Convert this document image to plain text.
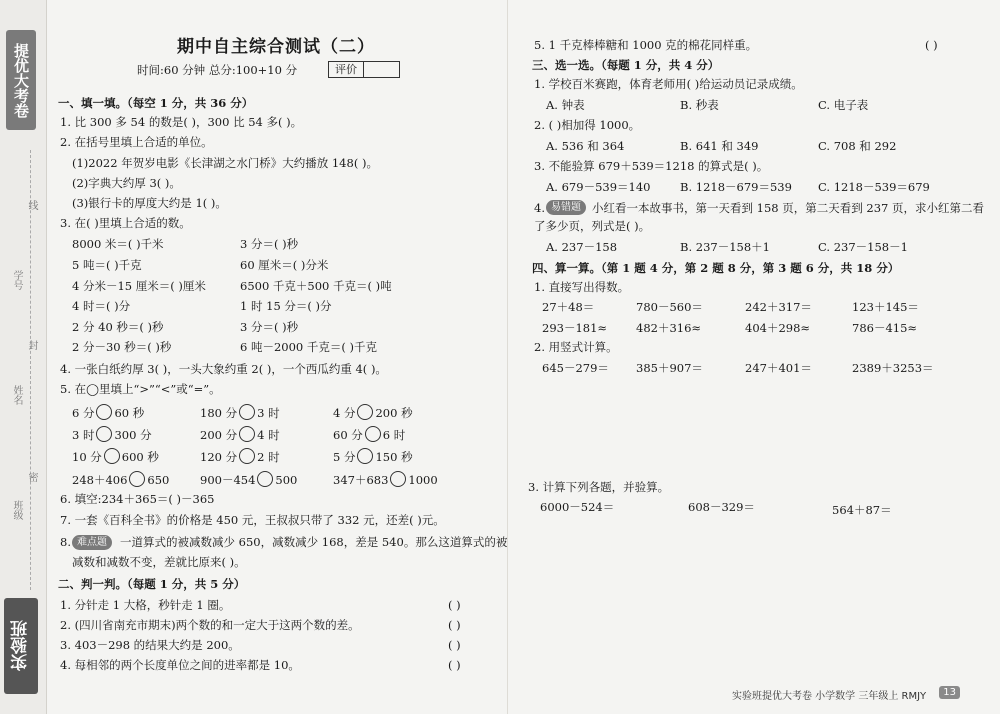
提优大考卷
学号
姓名
班级
线
封
密
实验班
期中自主综合测试（二）
时间:60 分钟 总分:100+10 分	评价
一、填一填。（每空 1 分，共 36 分）
1. 比 300 多 54 的数是( )，300 比 54 多( )。
2. 在括号里填上合适的单位。
(1)2022 年贺岁电影《长津湖之水门桥》大约播放 148( )。
(2)字典大约厚 3( )。
(3)银行卡的厚度大约是 1( )。
3. 在( )里填上合适的数。
8000 米＝( )千米	3 分＝( )秒
5 吨＝( )千克	60 厘米＝( )分米
4 分米－15 厘米＝( )厘米	6500 千克＋500 千克＝( )吨
4 时＝( )分	1 时 15 分＝( )分
2 分 40 秒＝( )秒	3 分＝( )秒
2 分－30 秒＝( )秒	6 吨－2000 千克＝( )千克
4. 一张白纸约厚 3( )，一头大象约重 2( )，一个西瓜约重 4( )。
5. 在◯里填上“>”“<”或“=”。
6 分 60 秒	180 分 3 时	4 分 200 秒
3 时 300 分	200 分 4 时	60 分 6 时
10 分 600 秒	120 分 2 时	5 分 150 秒
248＋406 650	900－454 500	347＋683 1000
6. 填空:234＋365＝( )－365
7. 一套《百科全书》的价格是 450 元，王叔叔只带了 332 元，还差( )元。
8. 难点题	一道算式的被减数减少 650，减数减少 168，差是 540。那么这道算式的被
减数和减数不变，差就比原来( )。
二、判一判。（每题 1 分，共 5 分）
1. 分针走 1 大格，秒针走 1 圈。	( )
2. (四川省南充市期末)两个数的和一定大于这两个数的差。	( )
3. 403－298 的结果大约是 200。	( )
4. 每相邻的两个长度单位之间的进率都是 10。	( )
5. 1 千克棒棒糖和 1000 克的棉花同样重。	( )
三、选一选。（每题 1 分，共 4 分）
1. 学校百米赛跑，体育老师用( )给运动员记录成绩。
A. 钟表	B. 秒表	C. 电子表
2. ( )相加得 1000。
A. 536 和 364	B. 641 和 349	C. 708 和 292
3. 不能验算 679＋539＝1218 的算式是( )。
A. 679－539＝140	B. 1218－679＝539 C. 1218－539＝679
4. 易错题 小红看一本故事书，第一天看到 158 页，第二天看到 237 页，求小红第二看
了多少页，列式是( )。
A. 237－158	B. 237－158＋1	C. 237－158－1
四、算一算。（第 1 题 4 分，第 2 题 8 分，第 3 题 6 分，共 18 分）
1. 直接写出得数。
27＋48＝	780－560＝	242＋317＝	123＋145＝
293－181≈	482＋316≈	404＋298≈	786－415≈
2. 用竖式计算。
645－279＝ 385＋907＝	247＋401＝	2389＋3253＝
3. 计算下列各题，并验算。
6000－524＝	608－329＝	564＋87＝
实验班提优大考卷 小学数学 三年级上 RMJY	13
